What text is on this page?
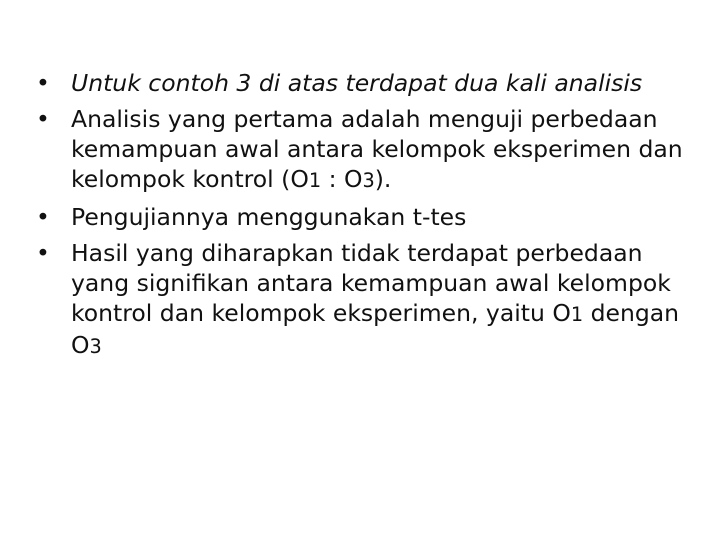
• Untuk contoh 3 di atas terdapat dua kali analisis
• Analisis yang pertama adalah menguji perbedaan kemampuan awal antara kelompok eksperimen dan kelompok kontrol (O1 : O3).
• Pengujiannya menggunakan t-tes
• Hasil yang diharapkan tidak terdapat perbedaan yang signifikan antara kemampuan awal kelompok kontrol dan kelompok eksperimen, yaitu O1 dengan O3
